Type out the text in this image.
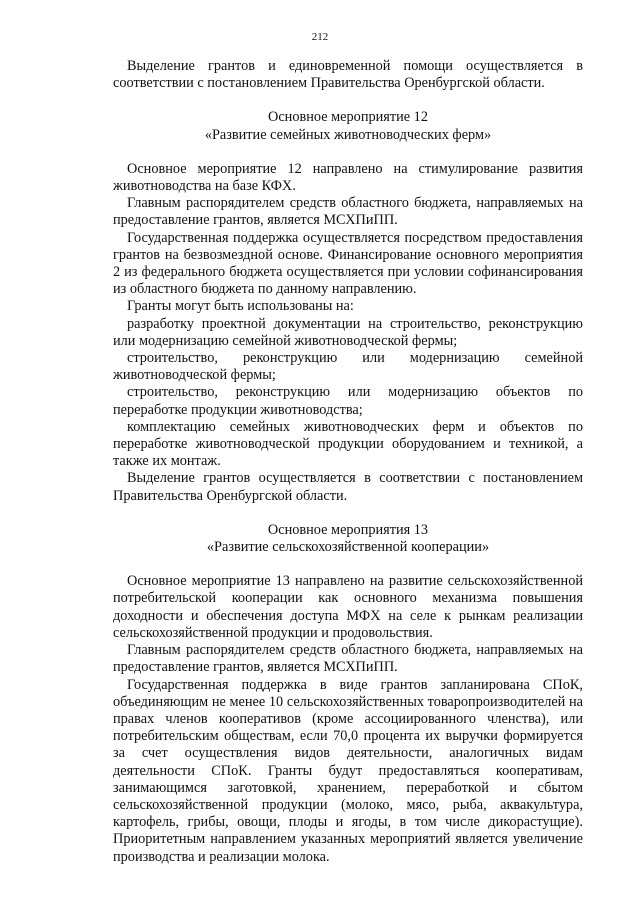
212

Выделение грантов и единовременной помощи осуществляется в соответствии с постановлением Правительства Оренбургской области.

Основное мероприятие 12
«Развитие семейных животноводческих ферм»

Основное мероприятие 12 направлено на стимулирование развития животноводства на базе КФХ.

Главным распорядителем средств областного бюджета, направляемых на предоставление грантов, является МСХПиПП.

Государственная поддержка осуществляется посредством предоставления грантов на безвозмездной основе. Финансирование основного мероприятия 2 из федерального бюджета осуществляется при условии софинансирования из областного бюджета по данному направлению.

Гранты могут быть использованы на:

разработку проектной документации на строительство, реконструкцию или модернизацию семейной животноводческой фермы;

строительство, реконструкцию или модернизацию семейной животноводческой фермы;

строительство, реконструкцию или модернизацию объектов по переработке продукции животноводства;

комплектацию семейных животноводческих ферм и объектов по переработке животноводческой продукции оборудованием и техникой, а также их монтаж.

Выделение грантов осуществляется в соответствии с постановлением Правительства Оренбургской области.

Основное мероприятия 13
«Развитие сельскохозяйственной кооперации»

Основное мероприятие 13 направлено на развитие сельскохозяйственной потребительской кооперации как основного механизма повышения доходности и обеспечения доступа МФХ на селе к рынкам реализации сельскохозяйственной продукции и продовольствия.

Главным распорядителем средств областного бюджета, направляемых на предоставление грантов, является МСХПиПП.

Государственная поддержка в виде грантов запланирована СПоК, объединяющим не менее 10 сельскохозяйственных товаропроизводителей на правах членов кооперативов (кроме ассоциированного членства), или потребительским обществам, если 70,0 процента их выручки формируется за счет осуществления видов деятельности, аналогичных видам деятельности СПоК. Гранты будут предоставляться кооперативам, занимающимся заготовкой, хранением, переработкой и сбытом сельскохозяйственной продукции (молоко, мясо, рыба, аквакультура, картофель, грибы, овощи, плоды и ягоды, в том числе дикорастущие). Приоритетным направлением указанных мероприятий является увеличение производства и реализации молока.
